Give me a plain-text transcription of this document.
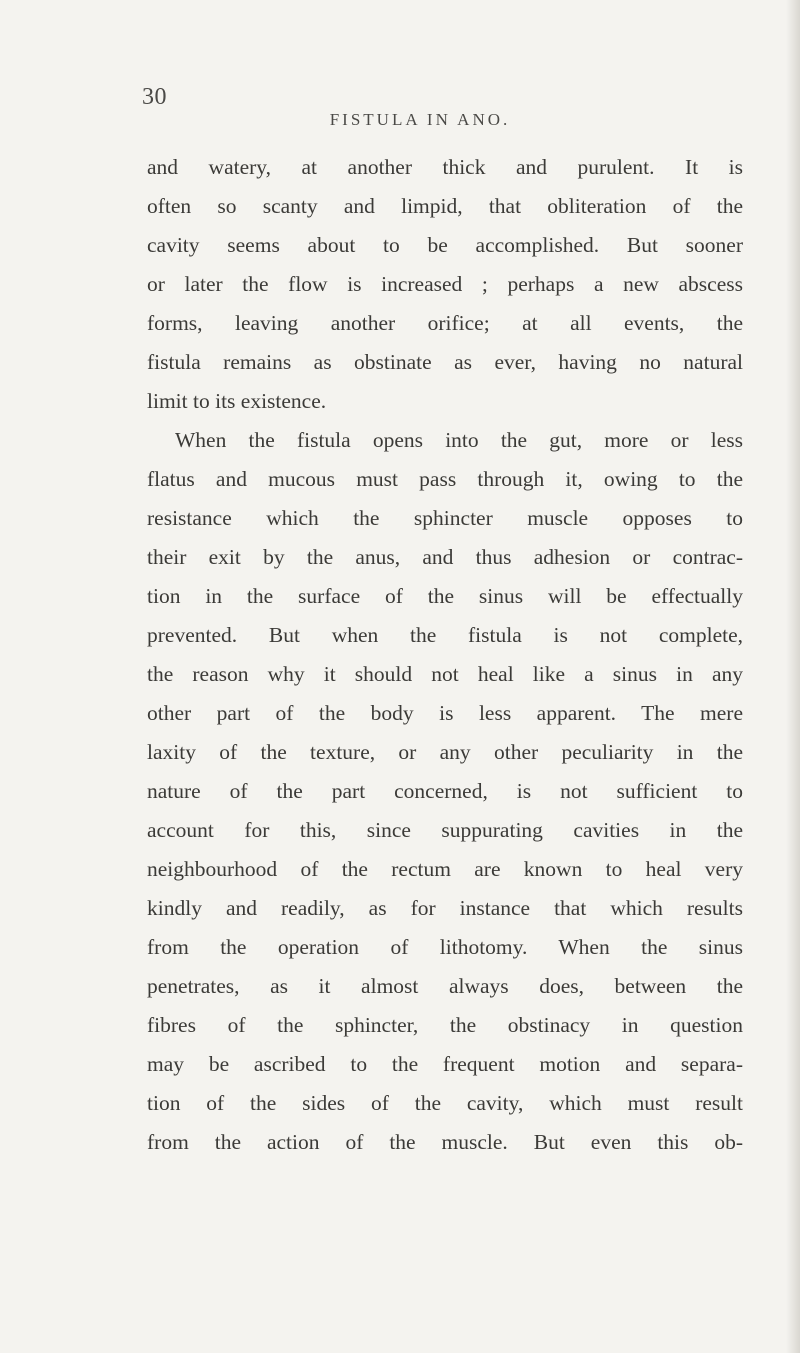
30
FISTULA IN ANO.
and watery, at another thick and purulent. It is
often so scanty and limpid, that obliteration of the
cavity seems about to be accomplished. But sooner
or later the flow is increased ; perhaps a new abscess
forms, leaving another orifice; at all events, the
fistula remains as obstinate as ever, having no natural
limit to its existence.
When the fistula opens into the gut, more or less
flatus and mucous must pass through it, owing to the
resistance which the sphincter muscle opposes to
their exit by the anus, and thus adhesion or contrac-
tion in the surface of the sinus will be effectually
prevented. But when the fistula is not complete,
the reason why it should not heal like a sinus in any
other part of the body is less apparent. The mere
laxity of the texture, or any other peculiarity in the
nature of the part concerned, is not sufficient to
account for this, since suppurating cavities in the
neighbourhood of the rectum are known to heal very
kindly and readily, as for instance that which results
from the operation of lithotomy. When the sinus
penetrates, as it almost always does, between the
fibres of the sphincter, the obstinacy in question
may be ascribed to the frequent motion and separa-
tion of the sides of the cavity, which must result
from the action of the muscle. But even this ob-
